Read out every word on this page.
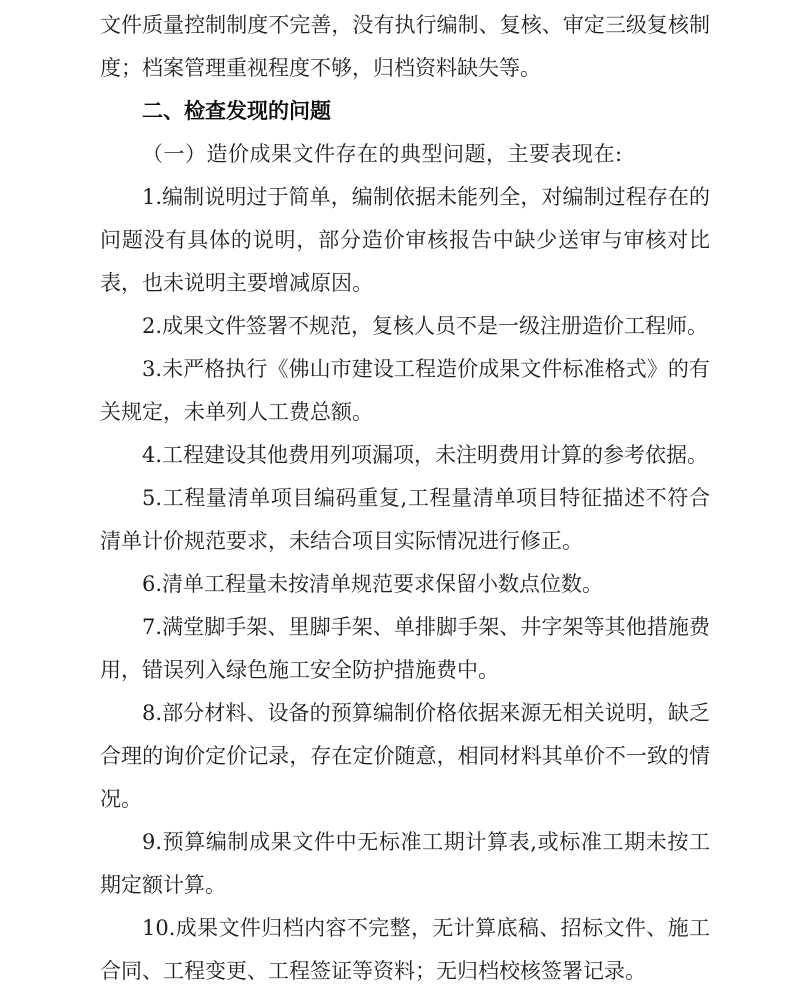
文件质量控制制度不完善，没有执行编制、复核、审定三级复核制度；档案管理重视程度不够，归档资料缺失等。

二、检查发现的问题

（一）造价成果文件存在的典型问题，主要表现在:

1.编制说明过于简单，编制依据未能列全，对编制过程存在的问题没有具体的说明，部分造价审核报告中缺少送审与审核对比表，也未说明主要增减原因。

2.成果文件签署不规范，复核人员不是一级注册造价工程师。

3.未严格执行《佛山市建设工程造价成果文件标准格式》的有关规定，未单列人工费总额。

4.工程建设其他费用列项漏项，未注明费用计算的参考依据。

5.工程量清单项目编码重复,工程量清单项目特征描述不符合清单计价规范要求，未结合项目实际情况进行修正。

6.清单工程量未按清单规范要求保留小数点位数。

7.满堂脚手架、里脚手架、单排脚手架、井字架等其他措施费用，错误列入绿色施工安全防护措施费中。

8.部分材料、设备的预算编制价格依据来源无相关说明，缺乏合理的询价定价记录，存在定价随意，相同材料其单价不一致的情况。

9.预算编制成果文件中无标准工期计算表,或标准工期未按工期定额计算。

10.成果文件归档内容不完整，无计算底稿、招标文件、施工合同、工程变更、工程签证等资料；无归档校核签署记录。
